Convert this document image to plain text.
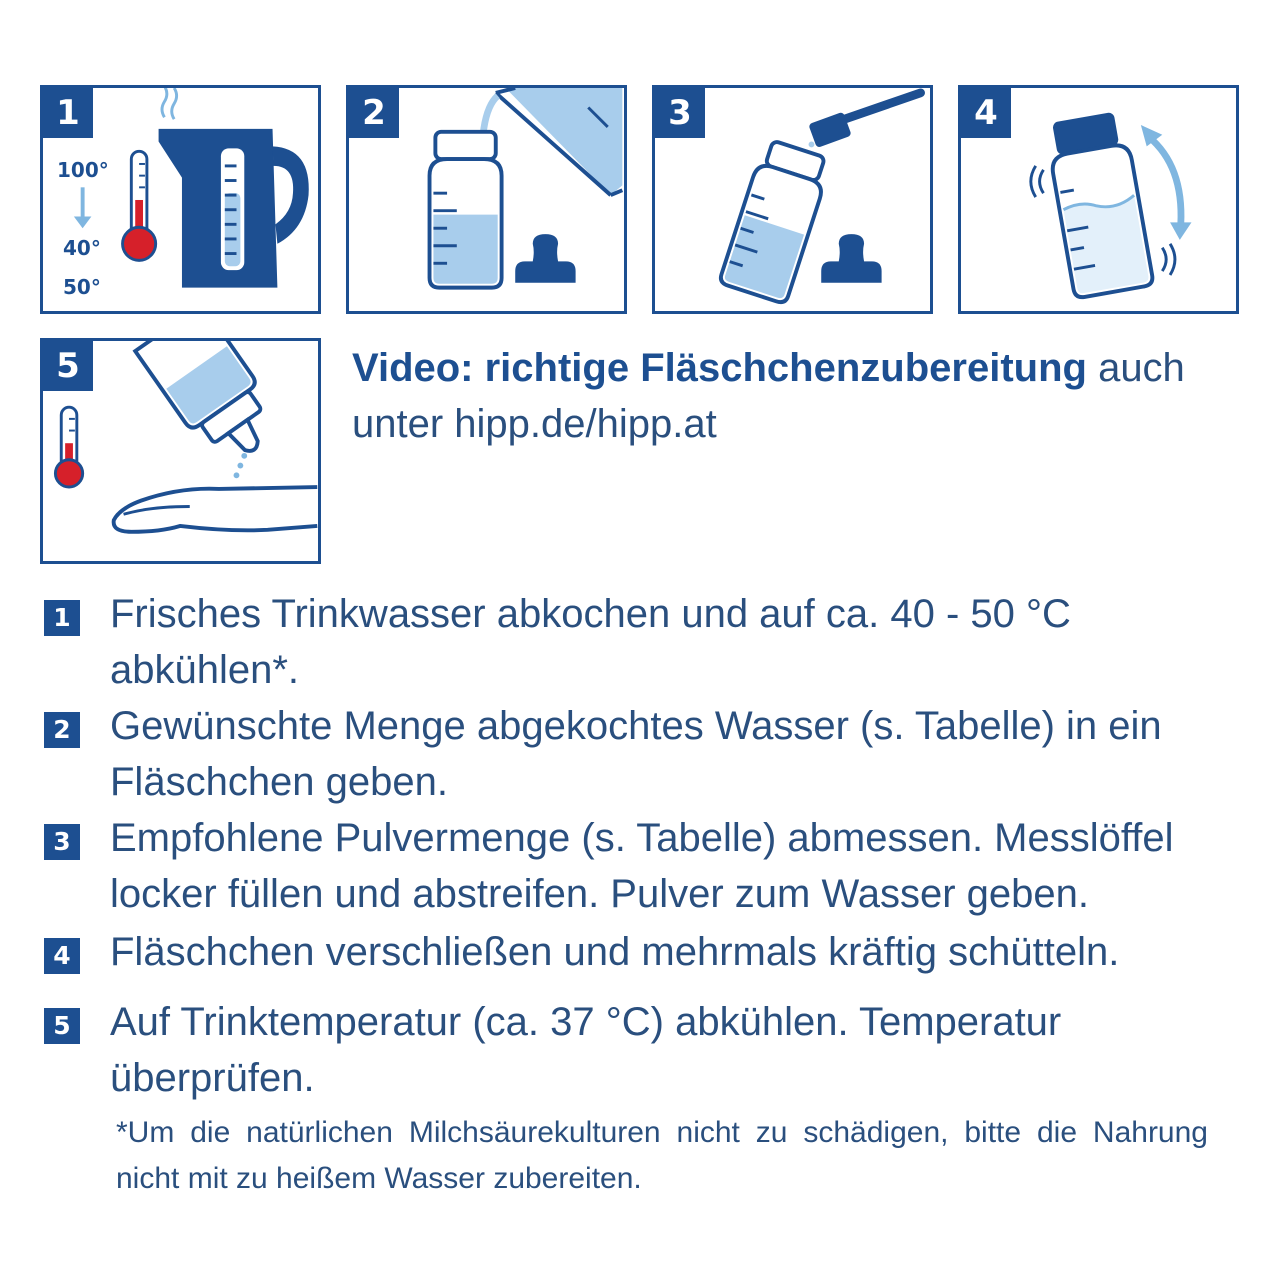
1
100°
40°
50°
2	3	4
5	Video: richtige Fläschchenzubereitung auch unter hipp.de/hipp.at
1 Frisches Trinkwasser abkochen und auf ca. 40 - 50 °C abkühlen*.
2 Gewünschte Menge abgekochtes Wasser (s. Tabelle) in ein Fläschchen geben.
3 Empfohlene Pulvermenge (s. Tabelle) abmessen. Messlöffel locker füllen und abstreifen. Pulver zum Wasser geben.
4 Fläschchen verschließen und mehrmals kräftig schütteln.
5 Auf Trinktemperatur (ca. 37 °C) abkühlen. Temperatur überprüfen.
*Um die natürlichen Milchsäurekulturen nicht zu schädigen, bitte die Nahrung nicht mit zu heißem Wasser zubereiten.
